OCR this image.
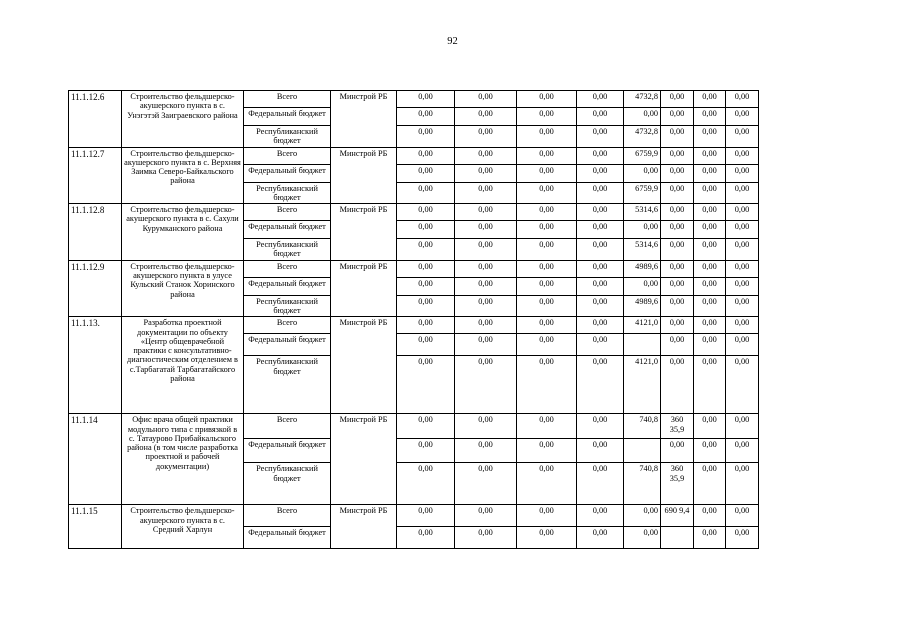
92
11.1.12.6	Строительство фельдшерско-акушерского пункта в с. Унэгэтэй Заиграевского района	Всего	Минстрой РБ	0,00	0,00	0,00	0,00	4732,8	0,00	0,00	0,00
		Федеральный бюджет		0,00	0,00	0,00	0,00	0,00	0,00	0,00	0,00
		Республиканский бюджет		0,00	0,00	0,00	0,00	4732,8	0,00	0,00	0,00
11.1.12.7	Строительство фельдшерско-акушерского пункта в с. Верхняя Заимка Северо-Байкальского района	Всего	Минстрой РБ	0,00	0,00	0,00	0,00	6759,9	0,00	0,00	0,00
		Федеральный бюджет		0,00	0,00	0,00	0,00	0,00	0,00	0,00	0,00
		Республиканский бюджет		0,00	0,00	0,00	0,00	6759,9	0,00	0,00	0,00
11.1.12.8	Строительство фельдшерско-акушерского пункта в с. Сахули Курумканского района	Всего	Минстрой РБ	0,00	0,00	0,00	0,00	5314,6	0,00	0,00	0,00
		Федеральный бюджет		0,00	0,00	0,00	0,00	0,00	0,00	0,00	0,00
		Республиканский бюджет		0,00	0,00	0,00	0,00	5314,6	0,00	0,00	0,00
11.1.12.9	Строительство фельдшерско-акушерского пункта в улусе Кульский Станок Хоринского района	Всего	Минстрой РБ	0,00	0,00	0,00	0,00	4989,6	0,00	0,00	0,00
		Федеральный бюджет		0,00	0,00	0,00	0,00	0,00	0,00	0,00	0,00
		Республиканский бюджет		0,00	0,00	0,00	0,00	4989,6	0,00	0,00	0,00
11.1.13.	Разработка проектной документации по объекту «Центр общеврачебной практики с консультативно-диагностическим отделением в с.Тарбагатай Тарбагатайского района	Всего	Минстрой РБ	0,00	0,00	0,00	0,00	4121,0	0,00	0,00	0,00
		Федеральный бюджет		0,00	0,00	0,00	0,00		0,00	0,00	0,00
		Республиканский бюджет		0,00	0,00	0,00	0,00	4121,0	0,00	0,00	0,00
11.1.14	Офис врача общей практики модульного типа с привязкой в с. Татаурово Прибайкальского района (в том числе разработка проектной и рабочей документации)	Всего	Минстрой РБ	0,00	0,00	0,00	0,00	740,8	360 35,9	0,00	0,00
		Федеральный бюджет		0,00	0,00	0,00	0,00		0,00	0,00	0,00
		Республиканский бюджет		0,00	0,00	0,00	0,00	740,8	360 35,9	0,00	0,00
11.1.15	Строительство фельдшерско-акушерского пункта в с. Средний Харлун	Всего	Минстрой РБ	0,00	0,00	0,00	0,00	0,00	690 9,4	0,00	0,00
		Федеральный бюджет		0,00	0,00	0,00	0,00	0,00		0,00	0,00
